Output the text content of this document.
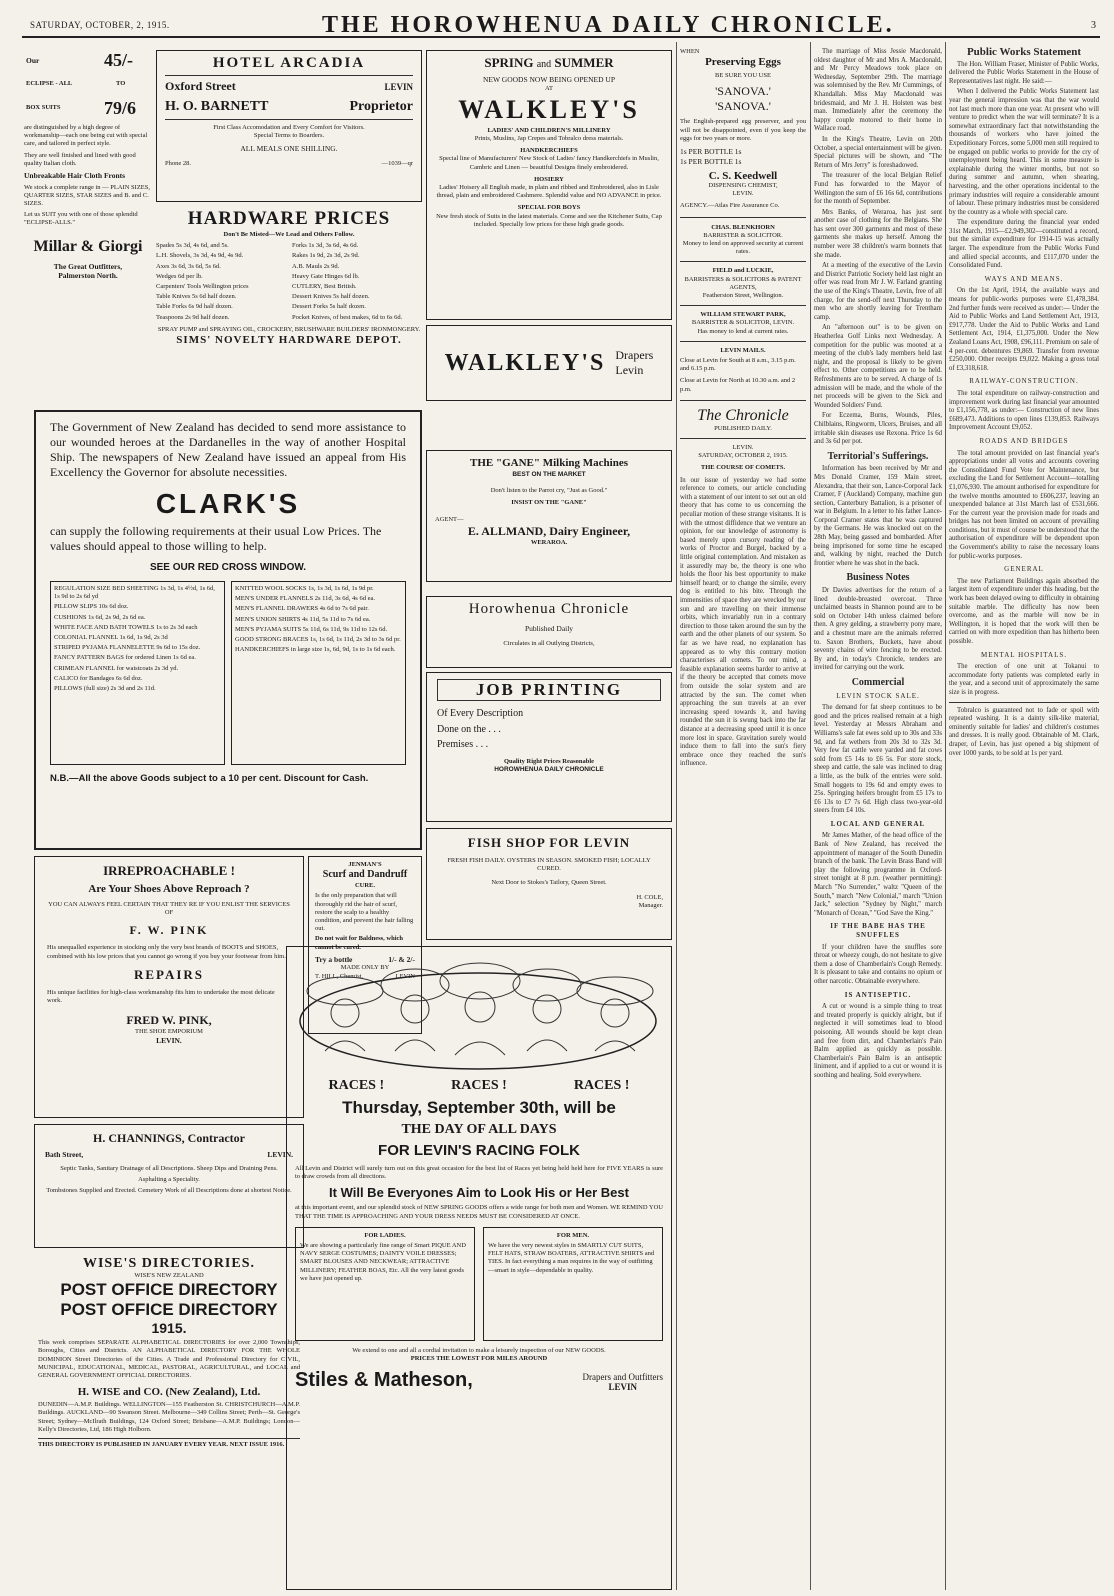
SATURDAY, OCTOBER, 2, 1915.	THE HOROWHENUA DAILY CHRONICLE.	3
Our	45/-
ECLIPSE - ALL	TO
BOX SUITS 79/6

are distinguished by a high degree of workmanship—each one being cut with special care, and tailored in perfect style.

They are well finished and lined with good quality Italian cloth.

Unbreakable Hair Cloth Fronts

We stock a complete range in — PLAIN SIZES, QUARTER SIZES, STAR SIZES and B. and C. SIZES.

Let us SUIT you with one of those splendid "ECLIPSE-ALLS."

Millar & Giorgi
The Great Outfitters,
Palmerston North.
HOTEL ARCADIA
Oxford Street	LEVIN
H. O. BARNETT	Proprietor
First Class Accomodation and Every Comfort for Visitors.
Special Terms to Boarders.
ALL MEALS ONE SHILLING.
Phone 28.	—1039—qr
HARDWARE PRICES
Don't Be Misted—We Lead and Others Follow.
Spades 5s 3d, 4s 6d, and 5s.
L.H. Shovels, 3s 3d, 4s 9d, 4s 9d.
Axes 3s 6d, 3s 6d, 5s 6d.
Wedges 6d per lb.
Carpenters' Tools Wellington prices
Table Knives 5s 6d half dozen.
Table Forks 6s 9d half dozen.
Teaspoons 2s 9d half dozen.
Forks 1s 3d, 3s 6d, 4s 6d.
Rakes 1s 9d, 2s 3d, 2s 9d.
A.B. Mauls 2s 9d.
Heavy Gate Hinges 6d lb.
CUTLERY, Best British.
Dessert Knives 5s half dozen.
Dessert Forks 5s half dozen.
Pocket Knives, of best makes, 6d to 6s 6d.
SPRAY PUMP and SPRAYING OIL, CROCKERY, BRUSHWARE BUILDERS' IRONMONGERY.
SIMS' NOVELTY HARDWARE DEPOT.
SPRING and SUMMER
NEW GOODS NOW BEING OPENED UP
AT
WALKLEY'S
LADIES' AND CHILDREN'S MILLINERY
Prints, Muslins, Jap Crepes and Tobralco dress materials.
HANDKERCHIEFS
Special line of Manufacturers' New Stock of Ladies' fancy Handkerchiefs in Muslin, Cambric and Linen — beautiful Designs finely embroidered.
HOSIERY
Ladies' Hoisery all English made, in plain and ribbed and Embroidered, also in Lisle thread, plain and embroidered Cashmere. Splendid value and NO ADVANCE in price.
SPECIAL FOR BOYS
New fresh stock of Suits in the latest materials. Come and see the Kitchener Suits, Cap included. Specially low prices for these high grade goods.
WALKLEY'S Drapers
Levin
The Government of New Zealand has decided to send more assistance to our wounded heroes at the Dardanelles in the way of another Hospital Ship. The newspapers of New Zealand have issued an appeal from His Excellency the Governor for absolute necessities.
CLARK'S
can supply the following requirements at their usual Low Prices. The values should appeal to those willing to help.
SEE OUR RED CROSS WINDOW.
REGULATION SIZE BED SHEETING 1s 3d, 1s 4½d, 1s 6d, 1s 9d to 2s 6d yd
PILLOW SLIPS 10s 6d doz.
CUSHIONS 1s 6d, 2s 9d, 2s 6d ea.
WHITE FACE AND BATH TOWELS 1s to 2s 3d each
COLONIAL FLANNEL 1s 6d, 1s 9d, 2s 3d
STRIPED PYJAMA FLANNELETTE 9s 6d to 15s doz.
FANCY PATTERN BAGS for ordered Linen 1s 6d ea.
CRIMEAN FLANNEL for waistcoats 2s 3d yd.
CALICO for Bandages 6s 6d doz.
PILLOWS (full size) 2s 3d and 2s 11d.
KNITTED WOOL SOCKS 1s, 1s 3d, 1s 6d, 1s 9d pr.
MEN'S UNDER FLANNELS 2s 11d, 3s 6d, 4s 6d ea.
MEN'S FLANNEL DRAWERS 4s 6d to 7s 6d pair.
MEN'S UNION SHIRTS 4s 11d, 5s 11d to 7s 6d ea.
MEN'S PYJAMA SUITS 5s 11d, 6s 11d, 9s 11d to 12s 6d.
GOOD STRONG BRACES 1s, 1s 6d, 1s 11d, 2s 3d to 3s 6d pr.
HANDKERCHIEFS in large size 1s, 6d, 9d, 1s to 1s 6d each.
N.B.—All the above Goods subject to a 10 per cent. Discount for Cash.
IRREPROACHABLE !
Are Your Shoes Above Reproach ?
YOU CAN ALWAYS FEEL CERTAIN THAT THEY RE IF YOU ENLIST THE SERVICES OF
F. W. PINK
His unequalled experience in stocking only the very best brands of BOOTS and SHOES, combined with his low prices that you cannot go wrong if you buy your footwear from him.
REPAIRS
His unique facilities for high-class workmanship fits him to undertake the most delicate work.
FRED W. PINK,
THE SHOE EMPORIUM
LEVIN.
JENMAN'S
Scurf and Dandruff
CURE.
Is the only preparation that will thoroughly rid the hair of scurf, restore the scalp to a healthy condition, and prevent the hair falling out.
Do not wait for Baldness, which cannot be cured.
Try a bottle	1/- & 2/-
MADE ONLY BY
T. HILL, Chemist,	LEVIN
H. CHANNINGS, Contractor
Bath Street,	LEVIN.
Septic Tanks, Sanitary Drainage of all Descriptions. Sheep Dips and Draining Pens.
Asphalting a Speciality.
Tombstones Supplied and Erected. Cemetery Work of all Descriptions done at shortest Notice.
WISE'S DIRECTORIES.
WISE'S NEW ZEALAND
POST OFFICE DIRECTORY
POST OFFICE DIRECTORY
1915.
This work comprises SEPARATE ALPHABETICAL DIRECTORIES for over 2,000 Townships, Boroughs, Cities and Districts. AN ALPHABETICAL DIRECTORY FOR THE WHOLE DOMINION Street Directories of the Cities. A Trade and Professional Directory for CIVIL, MUNICIPAL, EDUCATIONAL, MEDICAL, PASTORAL, AGRICULTURAL, and LOCAL and GENERAL GOVERNMENT OFFICIAL DIRECTORIES.
H. WISE and CO. (New Zealand), Ltd.
DUNEDIN—A.M.P. Buildings. WELLINGTON—155 Featherston St. CHRISTCHURCH—A.M.P. Buildings. AUCKLAND—90 Swanson Street. Melbourne—349 Collins Street; Perth—St. George's Street; Sydney—McIlrath Buildings, 124 Oxford Street; Brisbane—A.M.P. Buildings; London—Kelly's Directories, Ltd, 186 High Holborn.
THIS DIRECTORY IS PUBLISHED IN JANUARY EVERY YEAR. NEXT ISSUE 1916.
THE "GANE" Milking Machines
BEST ON THE MARKET
Don't listen to the Parrot cry, "Just as Good."
INSIST ON THE "GANE"
AGENT—
E. ALLMAND, Dairy Engineer,
WERAROA.
Horowhenua Chronicle
Published Daily
Circulates in all Outlying Districts,
JOB PRINTING
Of Every Description
Done on the . . .
Premises . . .
Quality Right Prices Reasonable
HOROWHENUA DAILY CHRONICLE
FISH SHOP FOR LEVIN
FRESH FISH DAILY. OYSTERS IN SEASON. SMOKED FISH; LOCALLY CURED.
Next Door to Stokes's Tailory, Queen Street.
H. COLE,
Manager.
RACES !	RACES !	RACES !
Thursday, September 30th, will be
THE DAY OF ALL DAYS
FOR LEVIN'S RACING FOLK
All Levin and District will surely turn out on this great occasion for the best list of Races yet being held held here for FIVE YEARS is sure to draw crowds from all directions.
It Will Be Everyones Aim to Look His or Her Best
at this important event, and our splendid stock of NEW SPRING GOODS offers a wide range for both men and Women. WE REMIND YOU THAT THE TIME IS APPROACHING AND YOUR DRESS NEEDS MUST BE CONSIDERED AT ONCE.
FOR LADIES.
We are showing a particularly fine range of Smart PIQUE AND NAVY SERGE COSTUMES; DAINTY VOILE DRESSES; SMART BLOUSES AND NECKWEAR; ATTRACTIVE MILLINERY; FEATHER BOAS, Etc. All the very latest goods we have just opened up.
FOR MEN.
We have the very newest styles in SMARTLY CUT SUITS, FELT HATS, STRAW BOATERS, ATTRACTIVE SHIRTS and TIES. In fact everything a man requires in the way of outfitting—smart in style—dependable in quality.
We extend to one and all a cordial invitation to make a leisurely inspection of our NEW GOODS.
PRICES THE LOWEST FOR MILES AROUND
Stiles & Matheson,	Drapers and Outfitters
LEVIN
WHEN
Preserving Eggs
BE SURE YOU USE
'SANOVA.'
'SANOVA.'
The English-prepared egg preserver, and you will not be disappointed, even if you keep the eggs for two years or more.
1s PER BOTTLE 1s
1s PER BOTTLE 1s
C. S. Keedwell
DISPENSING CHEMIST,
LEVIN.
AGENCY.—Atlas Fire Assurance Co.
CHAS. BLENKHORN
BARRISTER & SOLICITOR.
Money to lend on approved security at current rates.
FIELD and LUCKIE,
BARRISTERS & SOLICITORS & PATENT AGENTS,
Featherston Street, Wellington.
WILLIAM STEWART PARK,
BARRISTER & SOLICITOR, LEVIN.
Has money to lend at current rates.
LEVIN MAILS.
Close at Levin for South at 8 a.m., 3.15 p.m. and 6.15 p.m.
Close at Levin for North at 10.30 a.m. and 2 p.m.
The Chronicle
PUBLISHED DAILY.
LEVIN.
SATURDAY, OCTOBER 2, 1915.
THE COURSE OF COMETS.
In our issue of yesterday we had some reference to comets, our article concluding with a statement of our intent to set out an old theory that has come to us concerning the peculiar motion of these strange visitants. It is with the utmost diffidence that we venture an opinion, for our knowledge of astronomy is based merely upon cursory reading of the works of Proctor and Burgel, backed by a little original contemplation. And mistaken as it assuredly may be, the theory is one who holds the floor his best opportunity to make himself heard; or to change the simile, every dog is entitled to his bite. Through the immensities of space they are wrecked by our sun and are travelling on their immense orbits, which invariably run in a contrary direction to those taken around the sun by the earth and the other planets of our system. So far as we have read, no explanation has appeared as to why this contrary motion characterises all comets. To our mind, a feasible explanation seems harder to arrive at if the theory be accepted that comets move from outside the solar system and are attracted by the sun. The comet when approaching the sun travels at an ever increasing speed towards it, and having rounded the sun it is swung back into the far distance at a decreasing speed until it is once more lost in space. Gravitation surely would induce them to fall into the sun's fiery embrace once they reached the sun's influence.

The marriage of Miss Jessie Macdonald, oldest daughter of Mr and Mrs A. Macdonald, and Mr Percy Meadows took place on Wednesday, September 29th. The marriage was solemnised by the Rev. Mr Cummings, of Khandallah. Miss May Macdonald was bridesmaid, and Mr J. H. Holsten was best man. Immediately after the ceremony the happy couple motored to their home in Wallace road.

In the King's Theatre, Levin on 20th October, a special entertainment will be given. Special pictures will be shown, and "The Return of Mrs Jerry" is foreshadowed.

The treasurer of the local Belgian Relief Fund has forwarded to the Mayor of Wellington the sum of £6 16s 6d, contributions for the month of September.

Mrs Banks, of Weraroa, has just sent another case of clothing for the Belgians. She has sent over 300 garments and most of these garments she makes up herself. Among the number were 38 children's warm bonnets that she made.

At a meeting of the executive of the Levin and District Patriotic Society held last night an offer was read from Mr J. W. Farland granting the use of the King's Theatre, Levin, free of all charge, for the send-off next Thursday to the men who are shortly leaving for Trentham camp.

An "afternoon out" is to be given on Heatherlea Golf Links next Wednesday. A competition for the public was mooted at a meeting of the club's lady members held last night, and the proposal is likely to be given effect to. Other competitions are to be held. Refreshments are to be served. A charge of 1s admission will be made, and the whole of the net proceeds will be given to the Sick and Wounded Soldiers' Fund.

For Eczema, Burns, Wounds, Piles, Chilblains, Ringworm, Ulcers, Bruises, and all irritable skin diseases use Rexona. Price 1s 6d and 3s 6d per pot.

Territorial's Sufferings.

Information has been received by Mr and Mrs Donald Cramer, 159 Main street, Alexandra, that their son, Lance-Corporal Jack Cramer, F (Auckland) Company, machine gun section, Canterbury Battalion, is a prisoner of war in Belgium. In a letter to his father Lance-Corporal Cramer states that he was captured by the Germans. He was knocked out on the 28th May, being gassed and bombarded. After being imprisoned for some time he escaped and, walking by night, reached the Dutch frontier where he was shot in the back.

Business Notes

Dr Davies advertises for the return of a lined double-breasted overcoat. Three unclaimed beasts in Shannon pound are to be sold on October 14th unless claimed before then. A grey gelding, a strawberry pony mare, and a chestnut mare are the animals referred to. Saxon Brothers, Buckets, have about seventy chains of wire fencing to be erected. By and, in today's Chronicle, tenders are invited for carrying out the work.

Commercial
LEVIN STOCK SALE.

The demand for fat sheep continues to be good and the prices realised remain at a high level. Yesterday at Messrs Abraham and Williams's sale fat ewes sold up to 30s and 33s 9d, and fat wethers from 20s 3d to 32s 3d. Very few fat cattle were yarded and fat cows sold from £5 14s to £6 5s. For store stock, sheep and cattle, the sale was inclined to drag a little, as the bulk of the entries were sold. Small hoggets to 19s 6d and empty ewes to 25s. Springing heifers brought from £5 17s to £6 13s to £7 7s 6d. High class two-year-old steers from £4 10s.

LOCAL AND GENERAL

Mr James Mather, of the head office of the Bank of New Zealand, has received the appointment of manager of the South Dunedin branch of the bank. The Levin Brass Band will play the following programme in Oxford-street tonight at 8 p.m. (weather permitting): March "No Surrender," waltz "Queen of the South," march "New Colonial," march "Union Jack," selection "Sydney by Night," march "Monarch of Ocean," "God Save the King."

IF THE BABE HAS THE SNUFFLES

If your children have the snuffles sore throat or wheezy cough, do not hesitate to give them a dose of Chamberlain's Cough Remedy. It is pleasant to take and contains no opium or other narcotic. Obtainable everywhere.

IS ANTISEPTIC.

A cut or wound is a simple thing to treat and treated properly is quickly alright, but if neglected it will sometimes lead to blood poisoning. All wounds should be kept clean and free from dirt, and Chamberlain's Pain Balm applied as quickly as possible. Chamberlain's Pain Balm is an antiseptic liniment, and if applied to a cut or wound it is soothing and healing. Sold everywhere.

Public Works Statement

The Hon. William Fraser, Minister of Public Works, delivered the Public Works Statement in the House of Representatives last night. He said:—

When I delivered the Public Works Statement last year the general impression was that the war would not last much more than one year. At present who will venture to predict when the war will terminate? It is a somewhat extraordinary fact that notwithstanding the thousands of workers who have joined the Expeditionary Forces, some 5,000 men still required to be engaged on public works to provide for the cry of unemployment being heard. This in some measure is explainable during the winter months, but not so during summer and autumn, when shearing, harvesting, and the other operations incidental to the primary industries will require a considerable amount of labour. These primary industries must be considered by the country as a whole with special care.

The expenditure during the financial year ended 31st March, 1915—£2,949,302—constituted a record, but the similar expenditure for 1914-15 was actually larger. The expenditure from the Public Works Fund and allied special accounts, and £117,070 under the Consolidated Fund.

WAYS AND MEANS.

On the 1st April, 1914, the available ways and means for public-works purposes were £1,478,384. 2nd further funds were received as under:— Under the Aid to Public Works and Land Settlement Act, 1913, £917,778. Under the Aid to Public Works and Land Settlement Act, 1914, £1,375,000. Under the New Zealand Loans Act, 1908, £96,111. Premium on sale of 4 per-cent. debentures £9,869. Transfer from revenue £250,000. Other receipts £9,022. Making a gross total of £3,318,618.

RAILWAY-CONSTRUCTION.

The total expenditure on railway-construction and improvement work during last financial year amounted to £1,156,778, as under:— Construction of new lines £689,473. Additions to open lines £139,853. Railways Improvement Account £9,052.

ROADS AND BRIDGES

The total amount provided on last financial year's appropriations under all votes and accounts covering the Consolidated Fund Vote for Maintenance, but excluding the Land for Settlement Account—totalling £1,076,930. The amount authorised for expenditure for the twelve months amounted to £606,237, leaving an unexpended balance at 31st March last of £531,666. For the current year the provision made for roads and bridges has not been limited on account of prevailing conditions, but it must of course be understood that the authorisation of expenditure will be dependent upon the Government's ability to raise the necessary loans for public-works purposes.

GENERAL

The new Parliament Buildings again absorbed the largest item of expenditure under this heading, but the work has been delayed owing to difficulty in obtaining suitable marble. The difficulty has now been overcome, and as the marble will now be in Wellington, it is hoped that the work will then be carried on with more expedition than has hitherto been possible.

MENTAL HOSPITALS.

The erection of one unit at Tokanui to accommodate forty patients was completed early in the year, and a second unit of approximately the same size is in progress.

Tobralco is guaranteed not to fade or spoil with repeated washing. It is a dainty silk-like material, eminently suitable for ladies' and children's costumes and dresses. It is really good. Obtainable of M. Clark, draper, of Levin, has just opened a big shipment of over 1000 yards, to be sold at 1s per yard.
